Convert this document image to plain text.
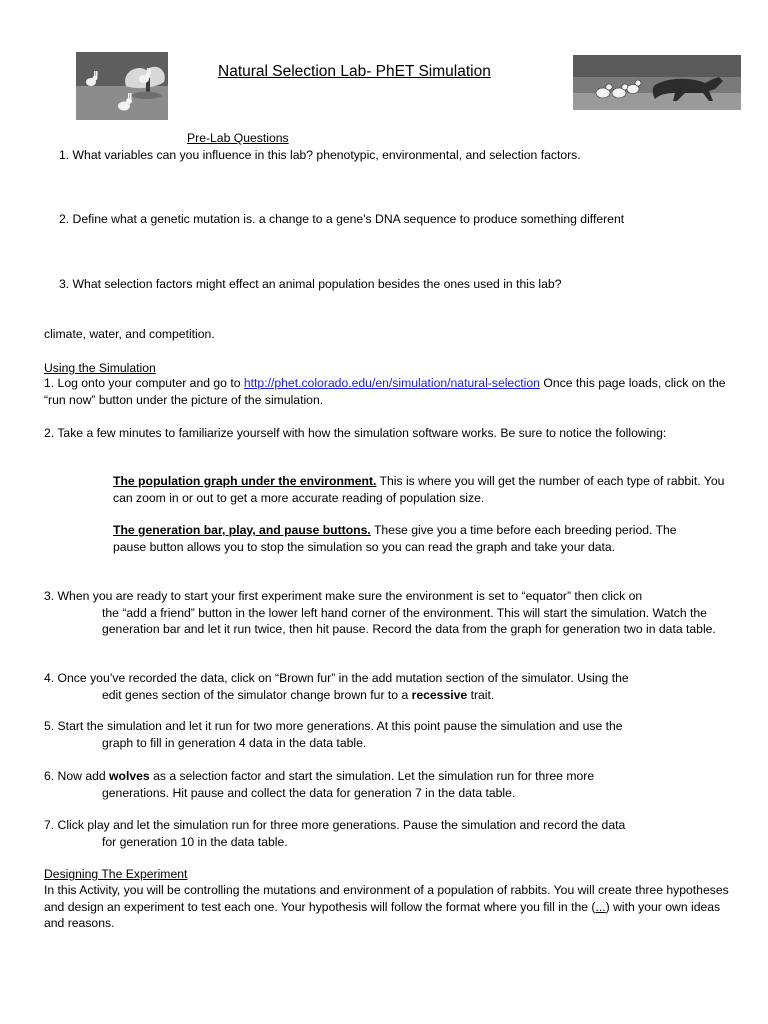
Natural Selection Lab- PhET Simulation
Pre-Lab Questions
1. What variables can you influence in this lab? phenotypic, environmental, and selection factors.
2. Define what a genetic mutation is. a change to a gene's DNA sequence to produce something different
3. What selection factors might effect an animal population besides the ones used in this lab?
climate, water, and competition.
Using the Simulation
1. Log onto your computer and go to http://phet.colorado.edu/en/simulation/natural-selection Once this page loads, click on the “run now” button under the picture of the simulation.
2. Take a few minutes to familiarize yourself with how the simulation software works. Be sure to notice the following:
The population graph under the environment. This is where you will get the number of each type of rabbit. You can zoom in or out to get a more accurate reading of population size.
The generation bar, play, and pause buttons. These give you a time before each breeding period. The pause button allows you to stop the simulation so you can read the graph and take your data.
3. When you are ready to start your first experiment make sure the environment is set to “equator” then click on
the “add a friend” button in the lower left hand corner of the environment. This will start the simulation. Watch the generation bar and let it run twice, then hit pause. Record the data from the graph for generation two in data table.
4. Once you’ve recorded the data, click on “Brown fur” in the add mutation section of the simulator. Using the
edit genes section of the simulator change brown fur to a recessive trait.
5. Start the simulation and let it run for two more generations. At this point pause the simulation and use the
graph to fill in generation 4 data in the data table.
6. Now add wolves as a selection factor and start the simulation. Let the simulation run for three more
generations. Hit pause and collect the data for generation 7 in the data table.
7. Click play and let the simulation run for three more generations. Pause the simulation and record the data
for generation 10 in the data table.
Designing The Experiment
In this Activity, you will be controlling the mutations and environment of a population of rabbits. You will create three hypotheses and design an experiment to test each one. Your hypothesis will follow the format where you fill in the (...) with your own ideas and reasons.
